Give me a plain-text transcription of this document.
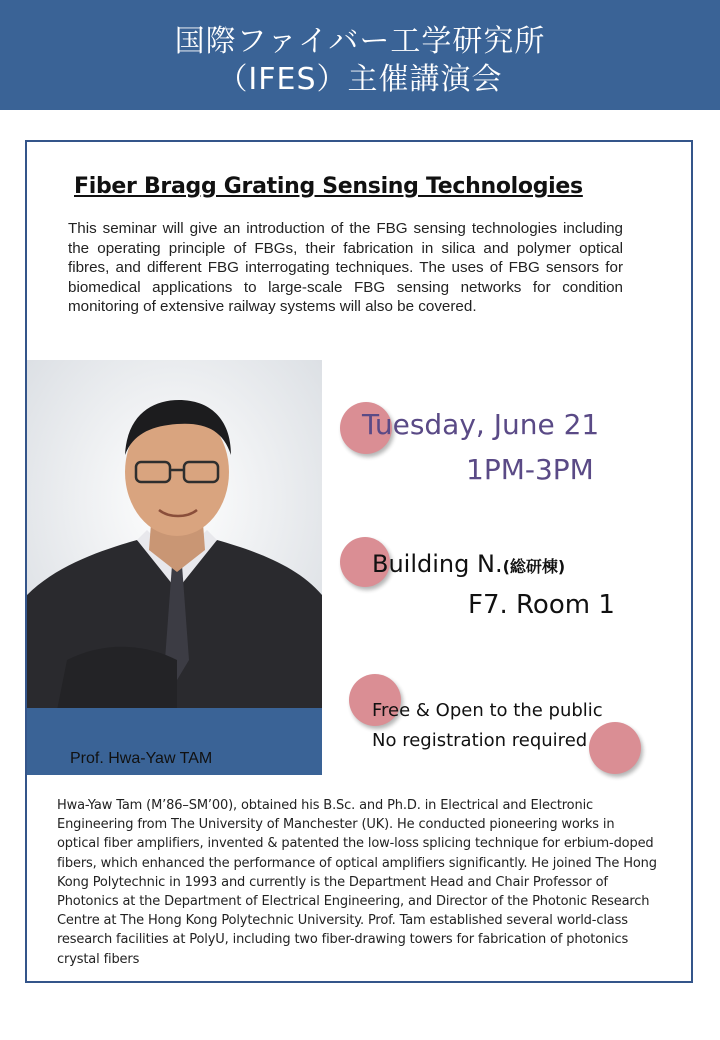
国際ファイバー工学研究所
（IFES）主催講演会
Fiber Bragg Grating Sensing Technologies
This seminar will give an introduction of the FBG sensing technologies including the operating principle of FBGs, their fabrication in silica and polymer optical fibres, and different FBG interrogating techniques. The uses of FBG sensors for biomedical applications to large-scale FBG sensing networks for condition monitoring of extensive railway systems will also be covered.
Prof. Hwa-Yaw TAM
Tuesday, June 21
1PM-3PM
Building N.(総研棟)
F7. Room 1
Free & Open to the public
No registration required
Hwa-Yaw Tam (M’86–SM’00), obtained his B.Sc. and Ph.D. in Electrical and Electronic Engineering from The University of Manchester (UK). He conducted pioneering works in optical fiber amplifiers, invented & patented the low-loss splicing technique for erbium-doped fibers, which enhanced the performance of optical amplifiers significantly. He joined The Hong Kong Polytechnic in 1993 and currently is the Department Head and Chair Professor of Photonics at the Department of Electrical Engineering, and Director of the Photonic Research Centre at The Hong Kong Polytechnic University. Prof. Tam established several world-class research facilities at PolyU, including two fiber-drawing towers for fabrication of photonics crystal fibers
